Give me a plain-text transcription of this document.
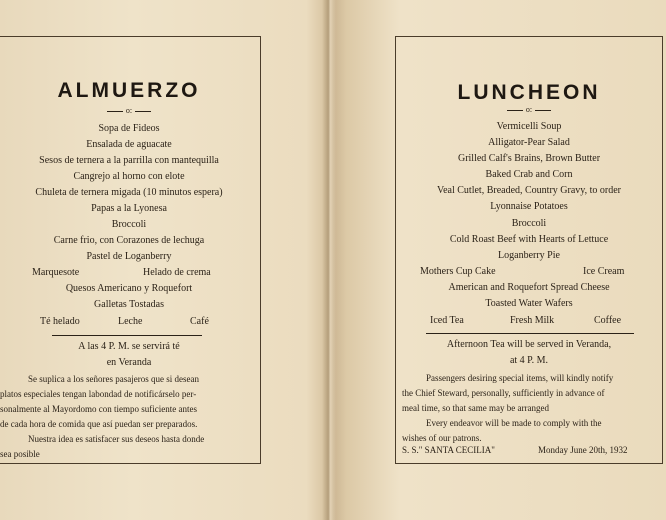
ALMUERZO
o:
Sopa de Fideos
Ensalada de aguacate
Sesos de ternera a la parrilla con mantequilla
Cangrejo al horno con elote
Chuleta de ternera migada (10 minutos espera)
Papas a la Lyonesa
Broccoli
Carne frio, con Corazones de lechuga
Pastel de Loganberry
Marquesote	Helado de crema
Quesos Americano y Roquefort
Galletas Tostadas
Té helado	Leche	Café
A las 4 P. M. se servirá té
en Veranda
Se suplica a los señores pasajeros que si desean
platos especiales tengan labondad de notificárselo per-
sonalmente al Mayordomo con tiempo suficiente antes
de cada hora de comida que así puedan ser preparados.
Nuestra idea es satisfacer sus deseos hasta donde
sea posible
LUNCHEON
o:
Vermicelli Soup
Alligator-Pear Salad
Grilled Calf's Brains, Brown Butter
Baked Crab and Corn
Veal Cutlet, Breaded, Country Gravy, to order
Lyonnaise Potatoes
Broccoli
Cold Roast Beef with Hearts of Lettuce
Loganberry Pie
Mothers Cup Cake	Ice Cream
American and Roquefort Spread Cheese
Toasted Water Wafers
Iced Tea	Fresh Milk	Coffee
Afternoon Tea will be served in Veranda,
at 4 P. M.
Passengers desiring special items, will kindly notify
the Chief Steward, personally, sufficiently in advance of
meal time, so that same may be arranged
Every endeavor will be made to comply with the
wishes of our patrons.
S. S." SANTA CECILIA"	Monday June 20th, 1932
